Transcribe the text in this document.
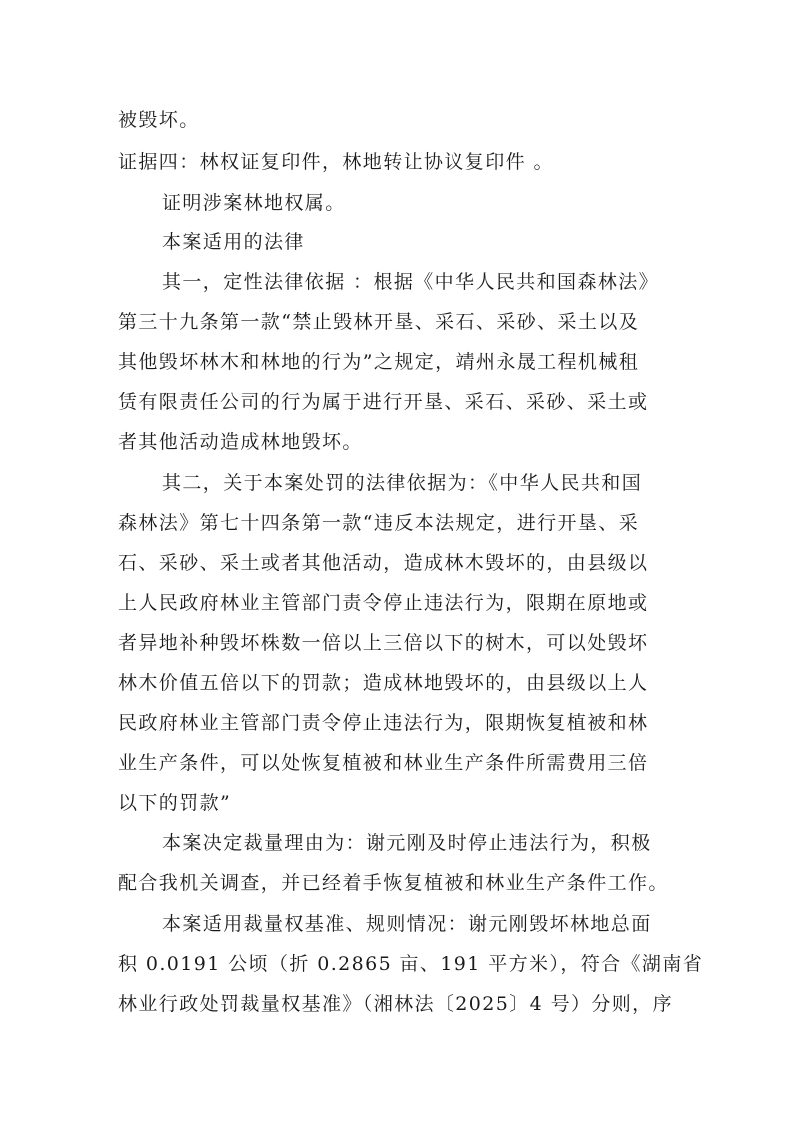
被毁坏。
证据四：林权证复印件，林地转让协议复印件 。
证明涉案林地权属。
本案适用的法律
其一，定性法律依据 ：根据《中华人民共和国森林法》
第三十九条第一款“禁止毁林开垦、采石、采砂、采土以及
其他毁坏林木和林地的行为”之规定，靖州永晟工程机械租
赁有限责任公司的行为属于进行开垦、采石、采砂、采土或
者其他活动造成林地毁坏。
其二，关于本案处罚的法律依据为：《中华人民共和国
森林法》第七十四条第一款“违反本法规定，进行开垦、采
石、采砂、采土或者其他活动，造成林木毁坏的，由县级以
上人民政府林业主管部门责令停止违法行为，限期在原地或
者异地补种毁坏株数一倍以上三倍以下的树木，可以处毁坏
林木价值五倍以下的罚款；造成林地毁坏的，由县级以上人
民政府林业主管部门责令停止违法行为，限期恢复植被和林
业生产条件，可以处恢复植被和林业生产条件所需费用三倍
以下的罚款”
本案决定裁量理由为：谢元刚及时停止违法行为，积极
配合我机关调查，并已经着手恢复植被和林业生产条件工作。
本案适用裁量权基准、规则情况：谢元刚毁坏林地总面
积 0.0191 公顷（折 0.2865 亩、191 平方米），符合《湖南省
林业行政处罚裁量权基准》（湘林法〔2025〕4 号）分则，序
